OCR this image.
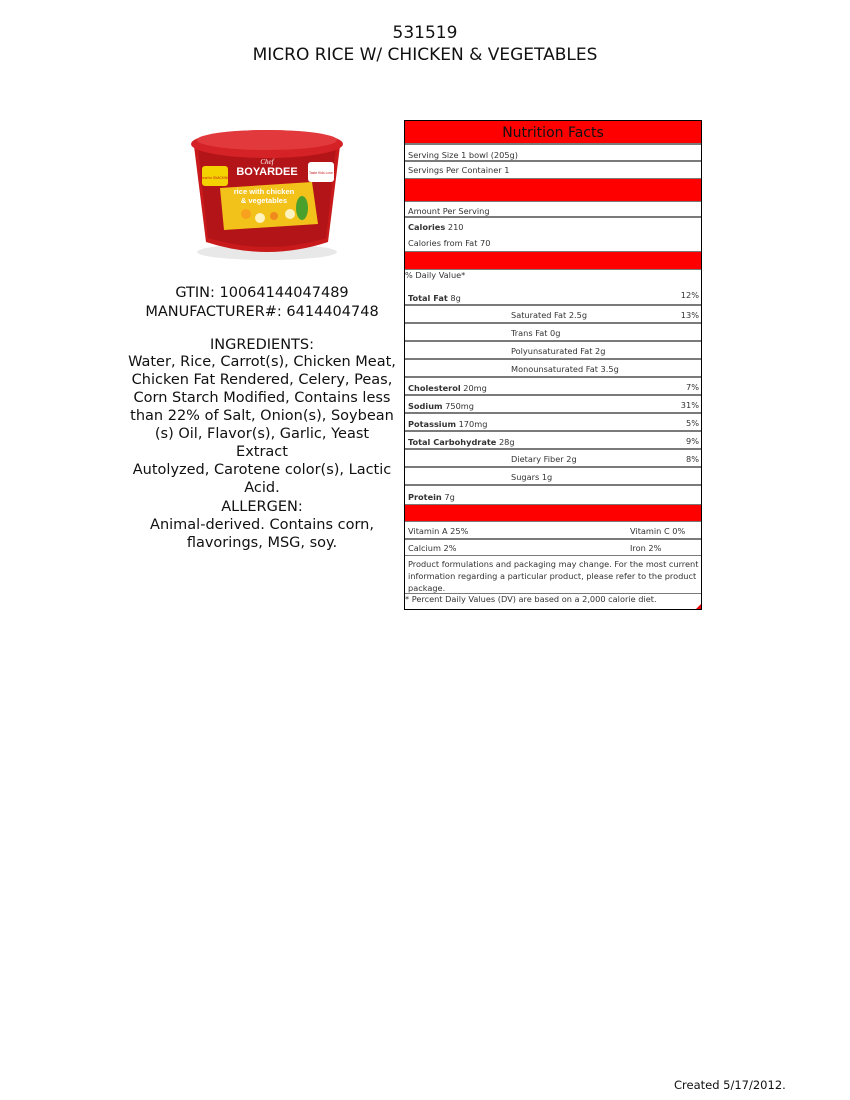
531519
MICRO RICE W/ CHICKEN & VEGETABLES
Chef
BOYARDEE
rice with chicken
& vegetables
Great for SNACKING!
Taste Kids Love
GTIN: 10064144047489
MANUFACTURER#: 6414404748
INGREDIENTS:
Water, Rice, Carrot(s), Chicken Meat,
Chicken Fat Rendered, Celery, Peas,
Corn Starch Modified, Contains less
than 22% of Salt, Onion(s), Soybean
(s) Oil, Flavor(s), Garlic, Yeast Extract
Autolyzed, Carotene color(s), Lactic
Acid.
ALLERGEN:
Animal-derived. Contains corn,
flavorings, MSG, soy.
Nutrition Facts
Serving Size 1 bowl (205g)
Servings Per Container 1
Amount Per Serving
Calories 210
Calories from Fat 70
% Daily Value*
Total Fat 8g	12%
Saturated Fat 2.5g	13%
Trans Fat 0g
Polyunsaturated Fat 2g
Monounsaturated Fat 3.5g
Cholesterol 20mg	7%
Sodium 750mg	31%
Potassium 170mg	5%
Total Carbohydrate 28g	9%
Dietary Fiber 2g	8%
Sugars 1g
Protein 7g
Vitamin A 25%	Vitamin C 0%
Calcium 2%	Iron 2%
Product formulations and packaging may change. For the most current information regarding a particular product, please refer to the product package.
* Percent Daily Values (DV) are based on a 2,000 calorie diet.
Created 5/17/2012.
